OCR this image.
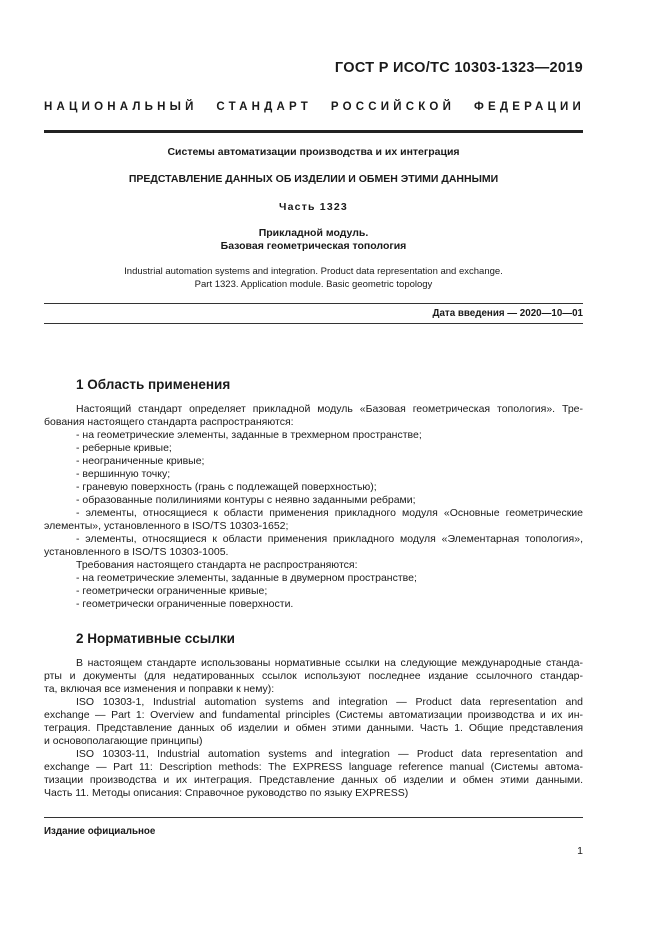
ГОСТ Р ИСО/ТС 10303-1323—2019
НАЦИОНАЛЬНЫЙ СТАНДАРТ РОССИЙСКОЙ ФЕДЕРАЦИИ
Системы автоматизации производства и их интеграция
ПРЕДСТАВЛЕНИЕ ДАННЫХ ОБ ИЗДЕЛИИ И ОБМЕН ЭТИМИ ДАННЫМИ
Часть 1323
Прикладной модуль.
Базовая геометрическая топология
Industrial automation systems and integration. Product data representation and exchange.
Part 1323. Application module. Basic geometric topology
Дата введения — 2020—10—01
1 Область применения
Настоящий стандарт определяет прикладной модуль «Базовая геометрическая топология». Тре-
бования настоящего стандарта распространяются:
- на геометрические элементы, заданные в трехмерном пространстве;
- реберные кривые;
- неограниченные кривые;
- вершинную точку;
- граневую поверхность (грань с подлежащей поверхностью);
- образованные полилиниями контуры с неявно заданными ребрами;
- элементы, относящиеся к области применения прикладного модуля «Основные геометрические
элементы», установленного в ISO/TS 10303-1652;
- элементы, относящиеся к области применения прикладного модуля «Элементарная топология»,
установленного в ISO/TS 10303-1005.
Требования настоящего стандарта не распространяются:
- на геометрические элементы, заданные в двумерном пространстве;
- геометрически ограниченные кривые;
- геометрически ограниченные поверхности.
2 Нормативные ссылки
В настоящем стандарте использованы нормативные ссылки на следующие международные станда-
рты и документы (для недатированных ссылок используют последнее издание ссылочного стандар-
та, включая все изменения и поправки к нему):
ISO 10303-1, Industrial automation systems and integration — Product data representation and
exchange — Part 1: Overview and fundamental principles (Системы автоматизации производства и их ин-
теграция. Представление данных об изделии и обмен этими данными. Часть 1. Общие представления
и основополагающие принципы)
ISO 10303-11, Industrial automation systems and integration — Product data representation and
exchange — Part 11: Description methods: The EXPRESS language reference manual (Системы автома-
тизации производства и их интеграция. Представление данных об изделии и обмен этими данными.
Часть 11. Методы описания: Справочное руководство по языку EXPRESS)
Издание официальное
1
